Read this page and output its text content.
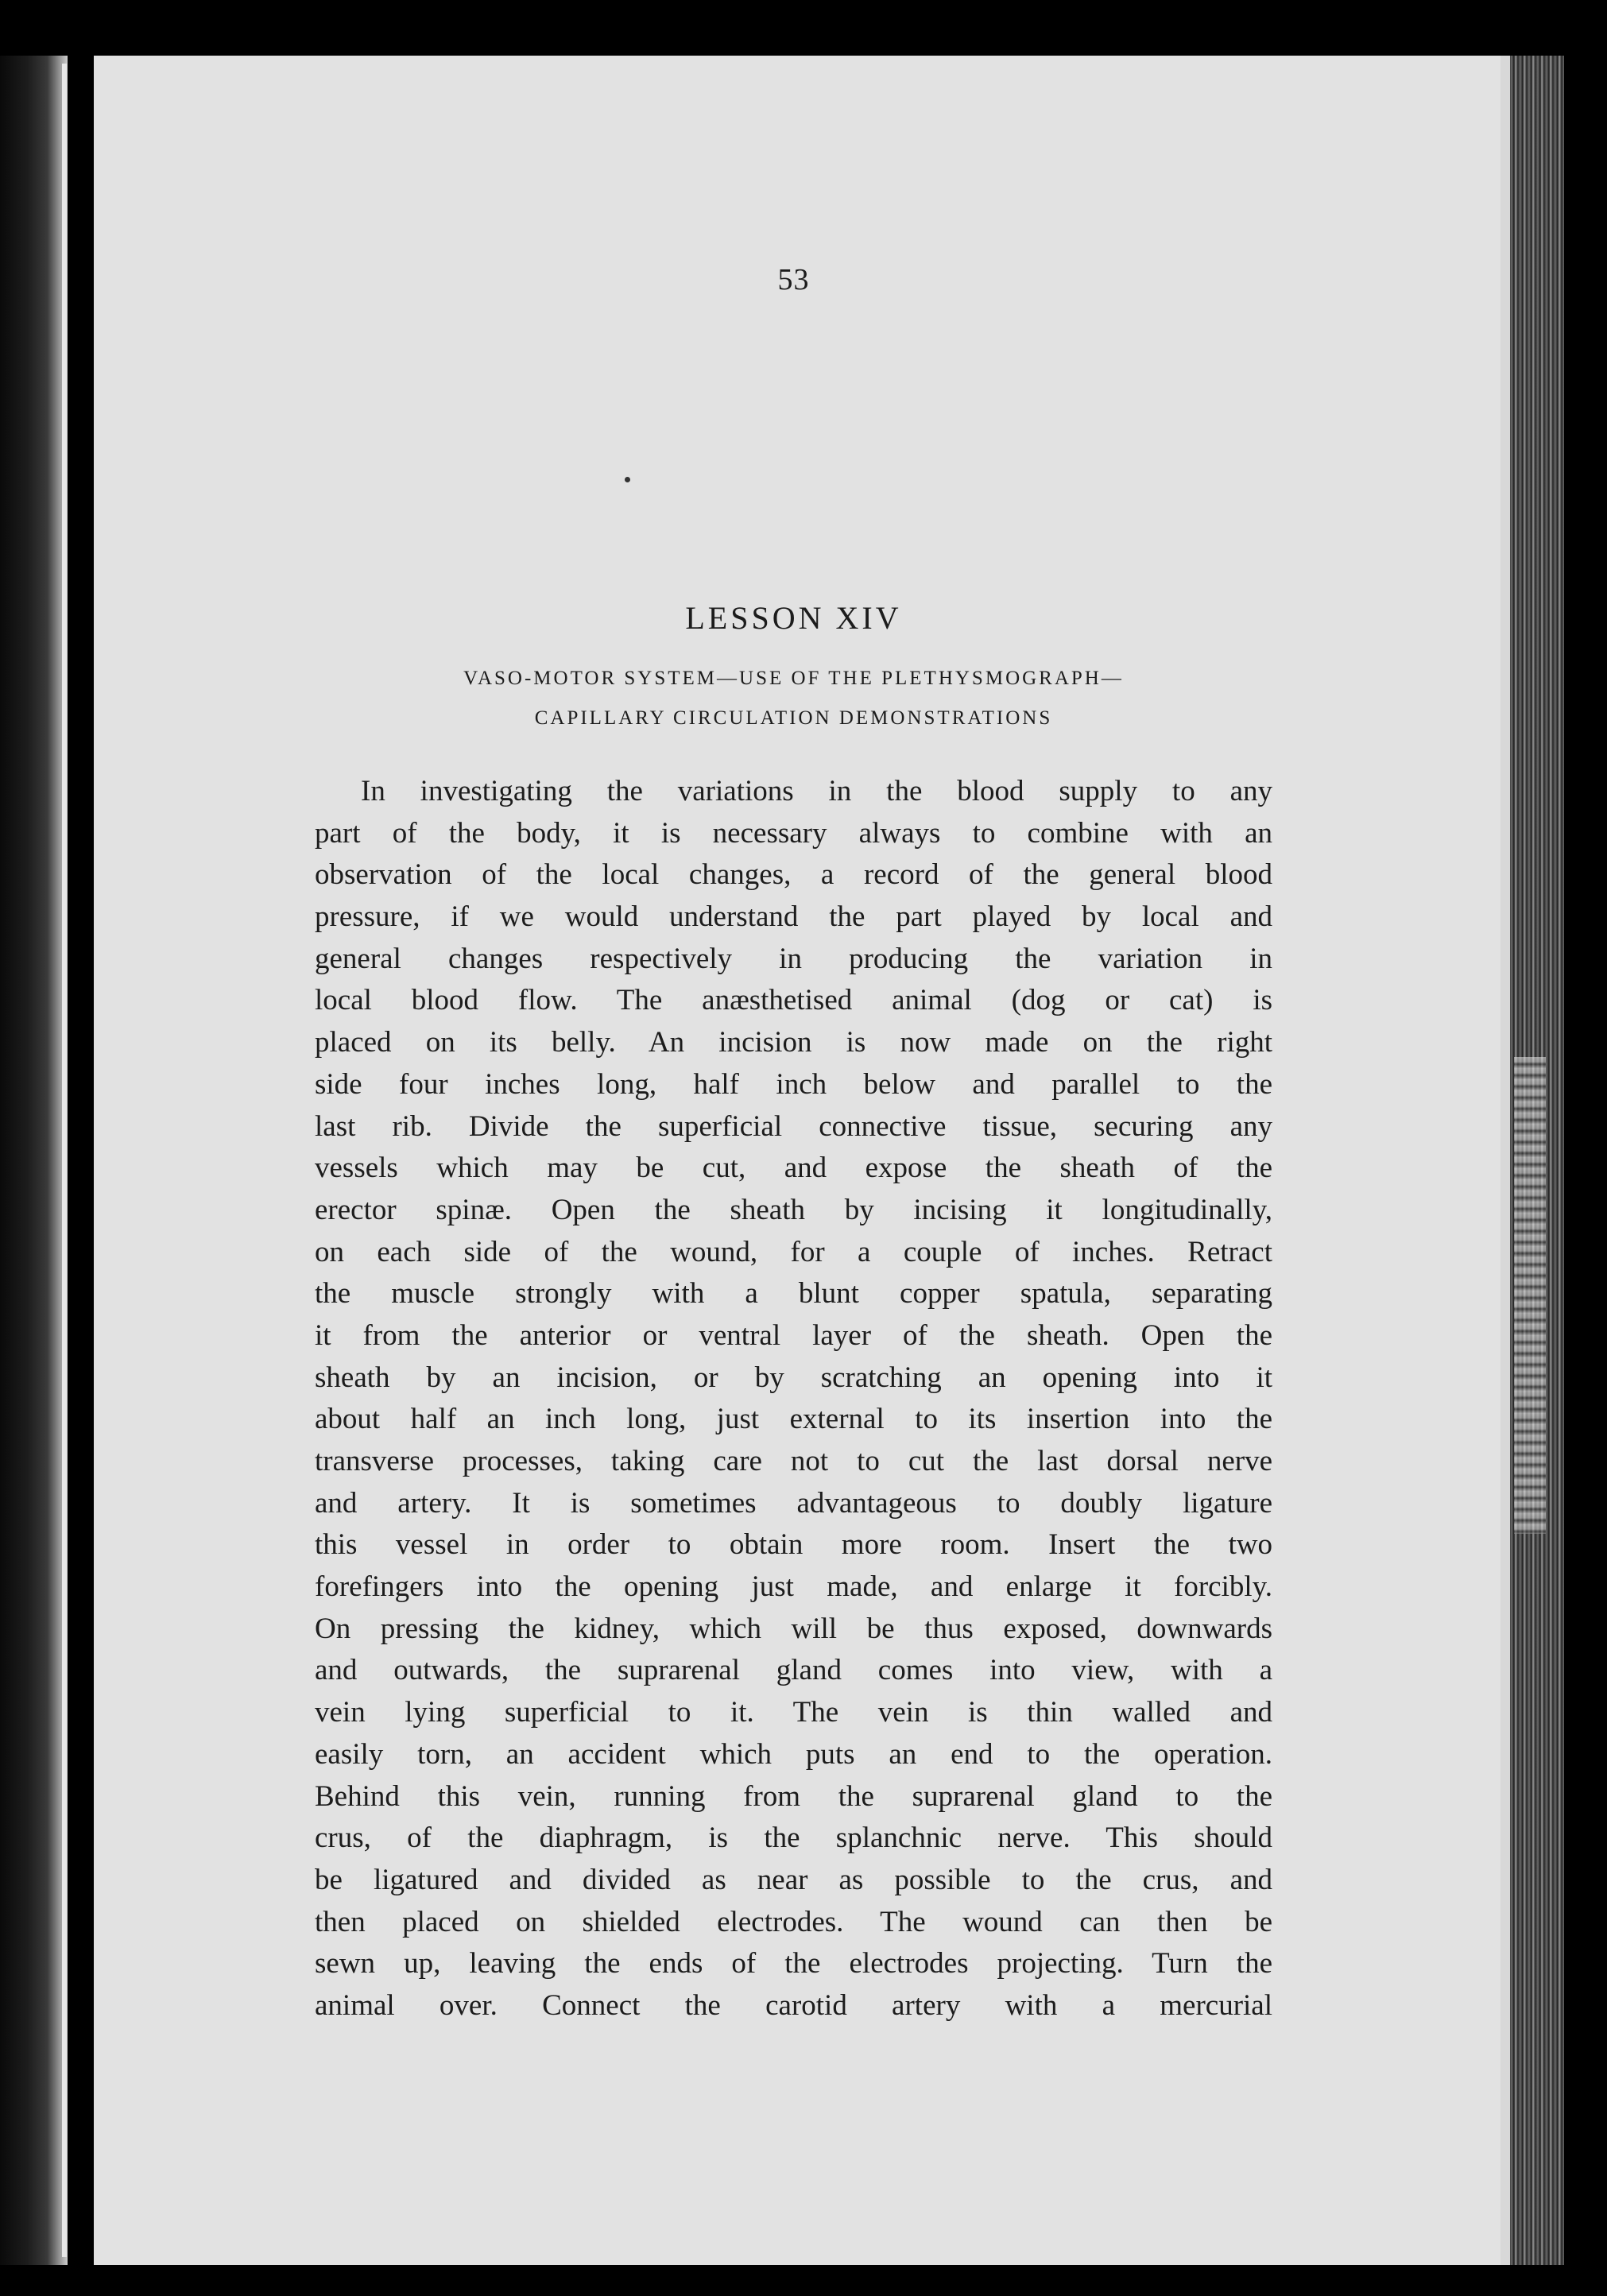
53
LESSON XIV
VASO-MOTOR SYSTEM—USE OF THE PLETHYSMOGRAPH—
CAPILLARY CIRCULATION DEMONSTRATIONS
In investigating the variations in the blood supply to any
part of the body, it is necessary always to combine with an
observation of the local changes, a record of the general blood
pressure, if we would understand the part played by local and
general changes respectively in producing the variation in
local blood flow. The anæsthetised animal (dog or cat) is
placed on its belly. An incision is now made on the right
side four inches long, half inch below and parallel to the
last rib. Divide the superficial connective tissue, securing any
vessels which may be cut, and expose the sheath of the
erector spinæ. Open the sheath by incising it longitudinally,
on each side of the wound, for a couple of inches. Retract
the muscle strongly with a blunt copper spatula, separating
it from the anterior or ventral layer of the sheath. Open the
sheath by an incision, or by scratching an opening into it
about half an inch long, just external to its insertion into the
transverse processes, taking care not to cut the last dorsal nerve
and artery. It is sometimes advantageous to doubly ligature
this vessel in order to obtain more room. Insert the two
forefingers into the opening just made, and enlarge it forcibly.
On pressing the kidney, which will be thus exposed, downwards
and outwards, the suprarenal gland comes into view, with a
vein lying superficial to it. The vein is thin walled and
easily torn, an accident which puts an end to the operation.
Behind this vein, running from the suprarenal gland to the
crus, of the diaphragm, is the splanchnic nerve. This should
be ligatured and divided as near as possible to the crus, and
then placed on shielded electrodes. The wound can then be
sewn up, leaving the ends of the electrodes projecting. Turn the
animal over. Connect the carotid artery with a mercurial
